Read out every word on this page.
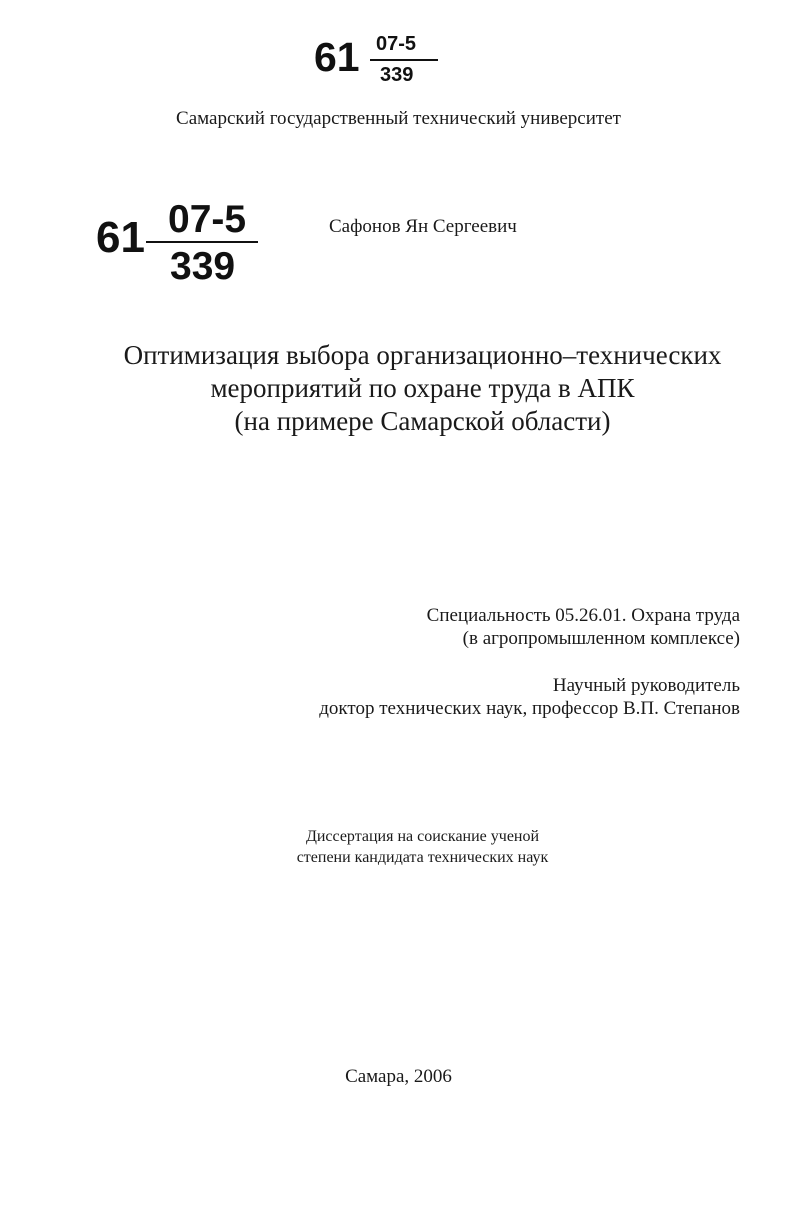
61 07-5
339
Самарский государственный технический университет
61 07-5
339
Сафонов Ян Сергеевич
Оптимизация выбора организационно–технических
мероприятий по охране труда в АПК
(на примере Самарской области)
Специальность 05.26.01. Охрана труда
(в агропромышленном комплексе)
Научный руководитель
доктор технических наук, профессор В.П. Степанов
Диссертация на соискание ученой
степени кандидата технических наук
Самара, 2006
